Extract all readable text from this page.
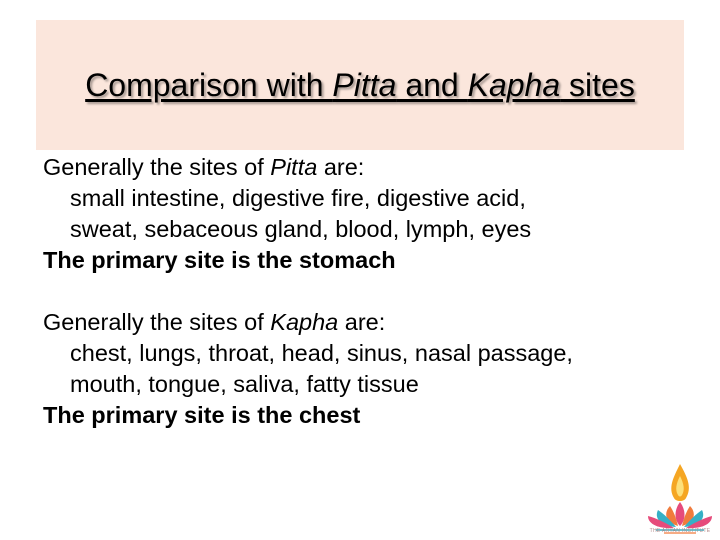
Comparison with Pitta and Kapha sites
Generally the sites of Pitta are:
small intestine, digestive fire, digestive acid,
sweat, sebaceous gland, blood, lymph, eyes
The primary site is the stomach
Generally the sites of Kapha are:
chest, lungs, throat, head, sinus, nasal passage,
mouth, tongue, saliva, fatty tissue
The primary site is the chest
THE ARYAN INSTITUTE
